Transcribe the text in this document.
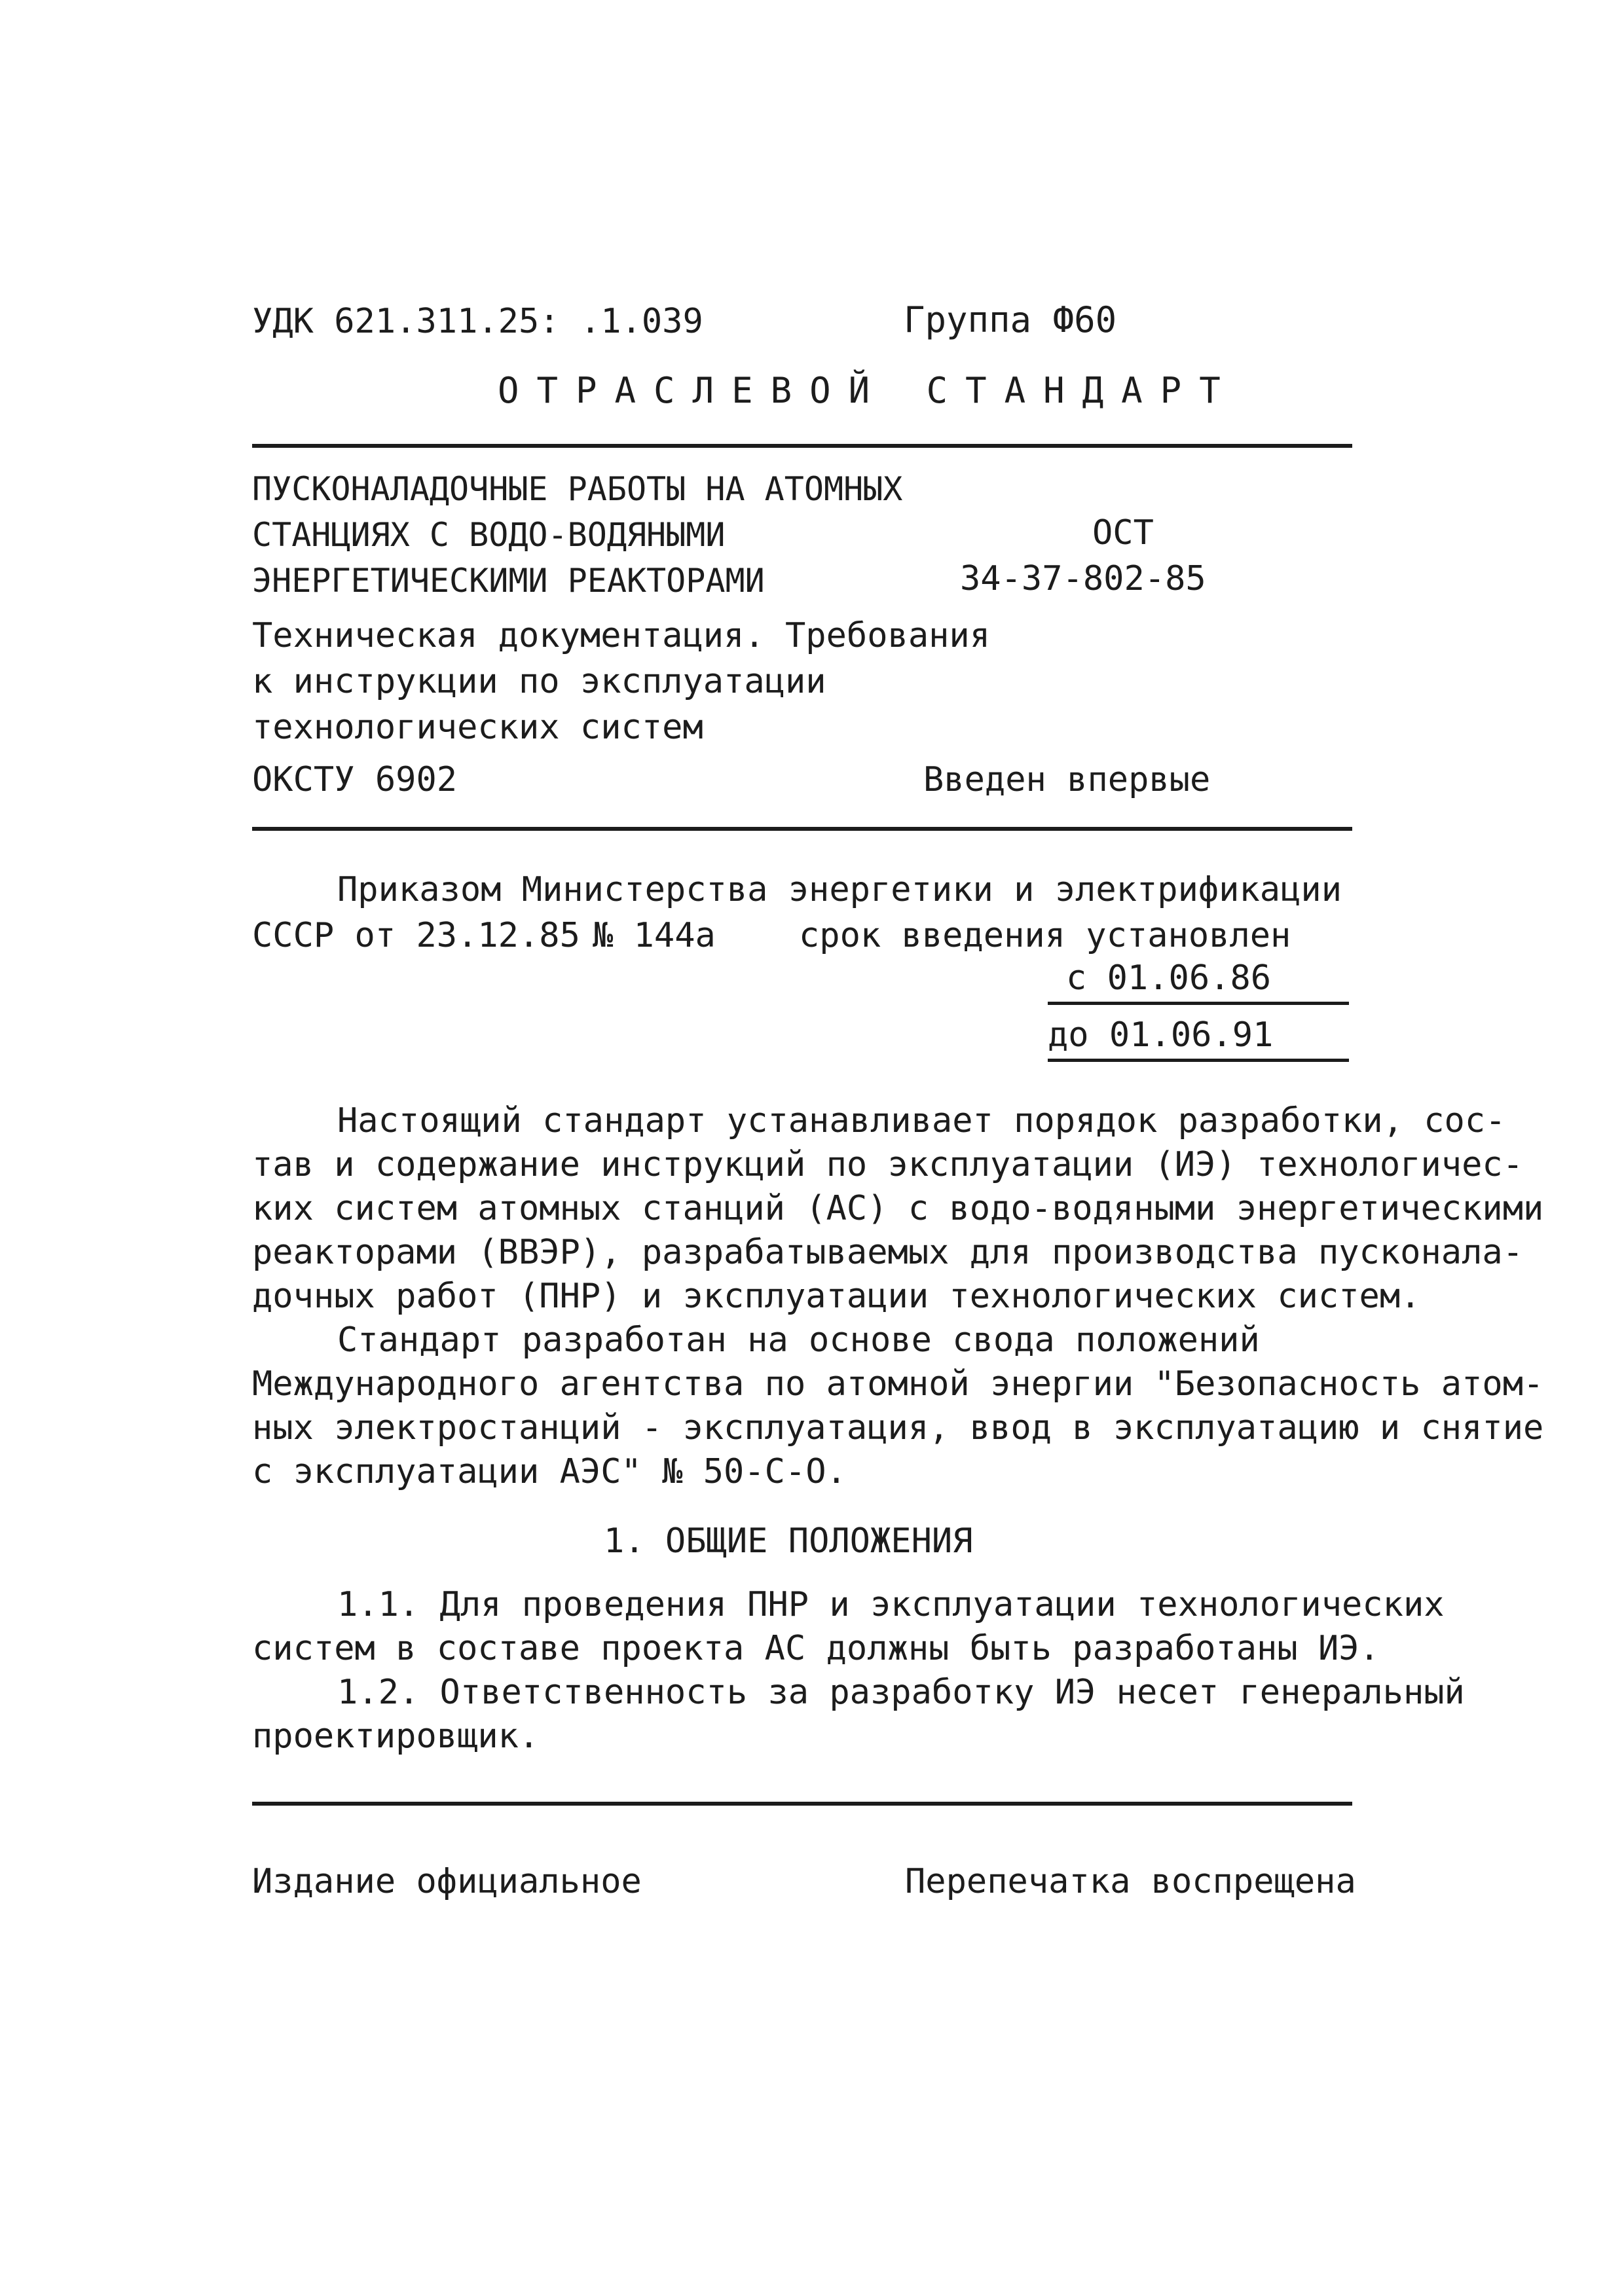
УДК 621.311.25: .1.039	Группа Ф60
ОТРАСЛЕВОЙ СТАНДАРТ
ПУСКОНАЛАДОЧНЫЕ РАБОТЫ НА АТОМНЫХ
СТАНЦИЯХ С ВОДО-ВОДЯНЫМИ
ЭНЕРГЕТИЧЕСКИМИ РЕАКТОРАМИ
ОСТ
34-37-802-85
Техническая документация. Требования
к инструкции по эксплуатации
технологических систем
ОКСТУ 6902	Введен впервые
Приказом Министерства энергетики и электрификации
СССР от 23.12.85 № 144а срок введения установлен
с 01.06.86
до 01.06.91
Настоящий стандарт устанавливает порядок разработки, сос-
тав и содержание инструкций по эксплуатации (ИЭ) технологичес-
ких систем атомных станций (АС) с водо-водяными энергетическими
реакторами (ВВЭР), разрабатываемых для производства пусконала-
дочных работ (ПНР) и эксплуатации технологических систем.
Стандарт разработан на основе свода положений
Международного агентства по атомной энергии "Безопасность атом-
ных электростанций - эксплуатация, ввод в эксплуатацию и снятие
с эксплуатации АЭС" № 50-С-О.
1. ОБЩИЕ ПОЛОЖЕНИЯ
1.1. Для проведения ПНР и эксплуатации технологических
систем в составе проекта АС должны быть разработаны ИЭ.
1.2. Ответственность за разработку ИЭ несет генеральный
проектировщик.
Издание официальное	Перепечатка воспрещена
